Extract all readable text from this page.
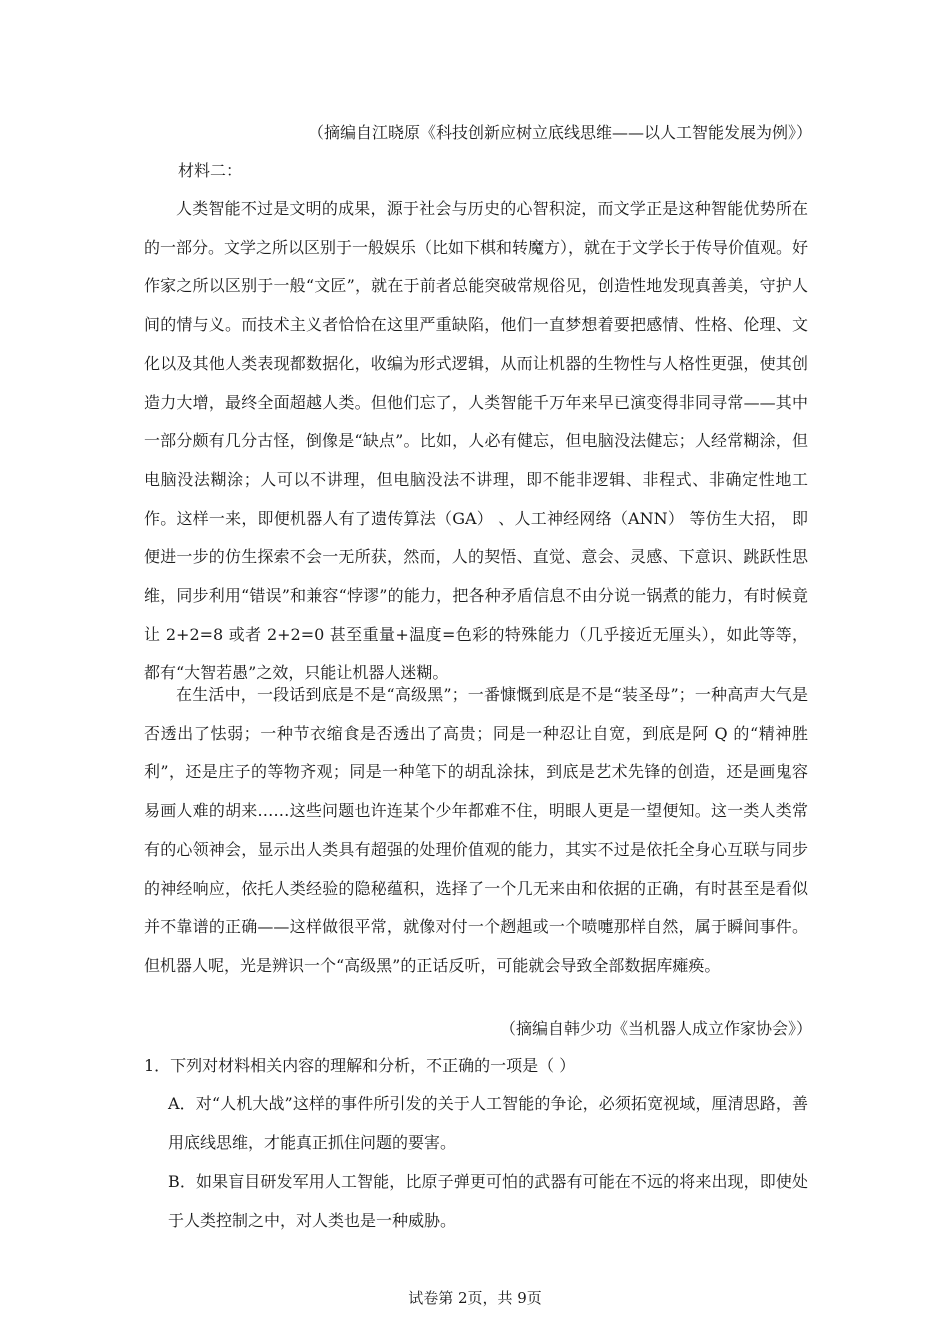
（摘编自江晓原《科技创新应树立底线思维——以人工智能发展为例》）
材料二：

人类智能不过是文明的成果，源于社会与历史的心智积淀，而文学正是这种智能优势所在的一部分。文学之所以区别于一般娱乐（比如下棋和转魔方），就在于文学长于传导价值观。好作家之所以区别于一般“文匠”，就在于前者总能突破常规俗见，创造性地发现真善美，守护人间的情与义。而技术主义者恰恰在这里严重缺陷，他们一直梦想着要把感情、性格、伦理、文化以及其他人类表现都数据化，收编为形式逻辑，从而让机器的生物性与人格性更强，使其创造力大增，最终全面超越人类。但他们忘了，人类智能千万年来早已演变得非同寻常——其中一部分颇有几分古怪，倒像是“缺点”。比如，人必有健忘，但电脑没法健忘；人经常糊涂，但电脑没法糊涂；人可以不讲理，但电脑没法不讲理，即不能非逻辑、非程式、非确定性地工作。这样一来，即便机器人有了遗传算法（GA） 、人工神经网络（ANN） 等仿生大招， 即便进一步的仿生探索不会一无所获，然而，人的契悟、直觉、意会、灵感、下意识、跳跃性思维，同步利用“错误”和兼容“悖谬”的能力，把各种矛盾信息不由分说一锅煮的能力，有时候竟让 2+2=8 或者 2+2=0 甚至重量+温度=色彩的特殊能力（几乎接近无厘头），如此等等，都有“大智若愚”之效，只能让机器人迷糊。

在生活中，一段话到底是不是“高级黑”；一番慷慨到底是不是“装圣母”；一种高声大气是否透出了怯弱；一种节衣缩食是否透出了高贵；同是一种忍让自宽，到底是阿 Q 的“精神胜利”，还是庄子的等物齐观；同是一种笔下的胡乱涂抹，到底是艺术先锋的创造，还是画鬼容易画人难的胡来……这些问题也许连某个少年都难不住，明眼人更是一望便知。这一类人类常有的心领神会，显示出人类具有超强的处理价值观的能力，其实不过是依托全身心互联与同步的神经响应，依托人类经验的隐秘蕴积，选择了一个几无来由和依据的正确，有时甚至是看似并不靠谱的正确——这样做很平常，就像对付一个趔趄或一个喷嚏那样自然，属于瞬间事件。但机器人呢，光是辨识一个“高级黑”的正话反听，可能就会导致全部数据库瘫痪。

（摘编自韩少功《当机器人成立作家协会》）
1．下列对材料相关内容的理解和分析，不正确的一项是（ ）

A．对“人机大战”这样的事件所引发的关于人工智能的争论，必须拓宽视域，厘清思路，善用底线思维，才能真正抓住问题的要害。

B．如果盲目研发军用人工智能，比原子弹更可怕的武器有可能在不远的将来出现，即使处于人类控制之中，对人类也是一种威胁。

试卷第 2页，共 9页
